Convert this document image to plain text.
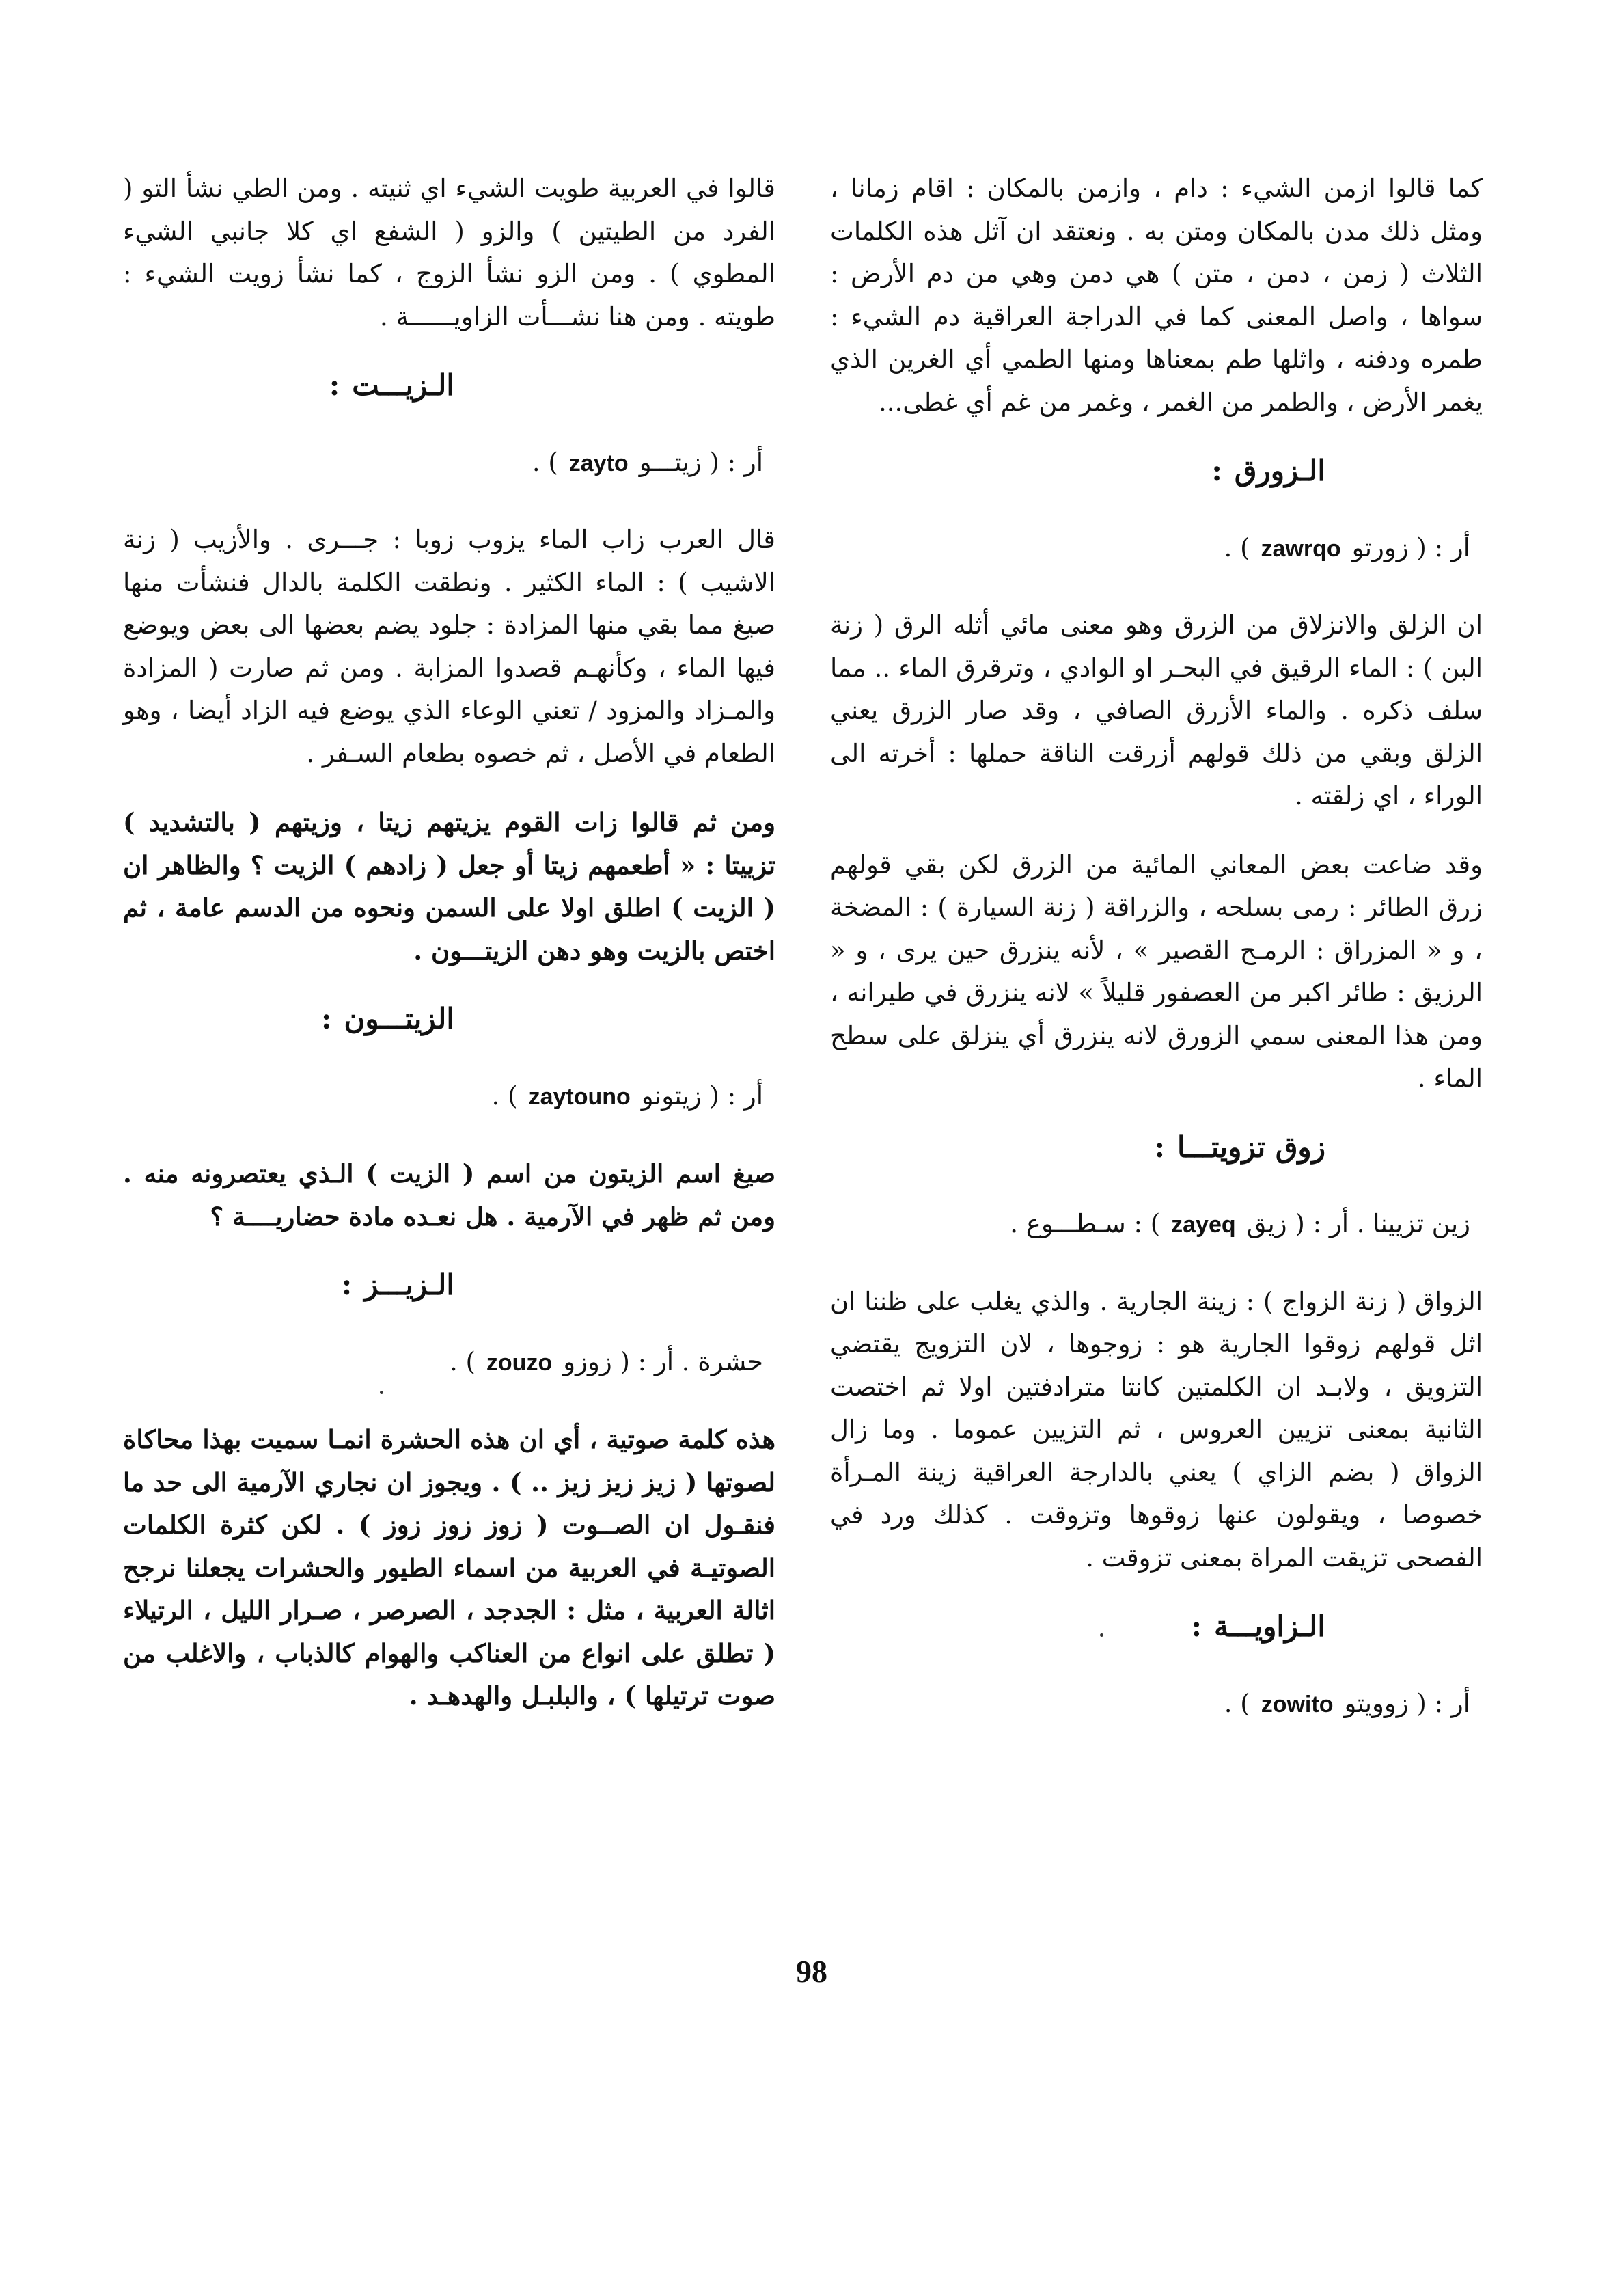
كما قالوا ازمن الشيء : دام ، وازمن بالمكان : اقام زمانا ، ومثل ذلك مدن بالمكان ومتن به . ونعتقد ان آثل هذه الكلمات الثلاث ( زمن ، دمن ، متن ) هي دمن وهي من دم الأرض : سواها ، واصل المعنى كما في الدراجة العراقية دم الشيء : طمره ودفنه ، واثلها طم بمعناها ومنها الطمي أي الغرين الذي يغمر الأرض ، والطمر من الغمر ، وغمر من غم أي غطى...

الـزورق:
أر : ( زورتوzawrqo) .

ان الزلق والانزلاق من الزرق وهو معنى مائي أثله الرق ( زنة البن ) : الماء الرقيق في البحـر او الوادي ، وترقرق الماء .. مما سلف ذكره . والماء الأزرق الصافي ، وقد صار الزرق يعني الزلق وبقي من ذلك قولهم أزرقت الناقة حملها : أخرته الى الوراء ، اي زلقته .

وقد ضاعت بعض المعاني المائية من الزرق لكن بقي قولهم زرق الطائر : رمى بسلحه ، والزراقة ( زنة السيارة ) : المضخة ، و « المزراق : الرمـح القصير » ، لأنه ينزرق حين يرى ، و « الرزيق : طائر اكبر من العصفور قليلاً » لانه ينزرق في طيرانه ، ومن هذا المعنى سمي الزورق لانه ينزرق أي ينزلق على سطح الماء .

زوق تزويتـــا:
زين تزيينا . أر : ( زيقzayeq) : سـطـــوع .

الزواق ( زنة الزواج ) : زينة الجارية . والذي يغلب على ظننا ان اثل قولهم زوقوا الجارية هو : زوجوها ، لان التزويج يقتضي التزويق ، ولابـد ان الكلمتين كانتا مترادفتين اولا ثم اختصت الثانية بمعنى تزيين العروس ، ثم التزيين عموما . وما زال الزواق ( بضم الزاي ) يعني بالدارجة العراقية زينة المـرأة خصوصا ، ويقولون عنها زوقوها وتزوقت . كذلك ورد في الفصحى تزيقت المراة بمعنى تزوقت .

الـزاويـــة:
أر : ( زوويتوzowito) .

قالوا في العربية طويت الشيء اي ثنيته . ومن الطي نشأ التو ( الفرد من الطيتين ) والزو ( الشفع اي كلا جانبي الشيء المطوي ) . ومن الزو نشأ الزوج ، كما نشأ زويت الشيء : طويته . ومن هنا نشـــأت الزاويــــــة .

الـزيـــت:
أر : ( زيتـــوzayto) .

قال العرب زاب الماء يزوب زوبا : جـــرى . والأزيب ( زنة الاشيب ) : الماء الكثير . ونطقت الكلمة بالدال فنشأت منها صيغ مما بقي منها المزادة : جلود يضم بعضها الى بعض ويوضع فيها الماء ، وكأنهـم قصدوا المزابة . ومن ثم صارت ( المزادة والمـزاد والمزود / تعني الوعاء الذي يوضع فيه الزاد أيضا ، وهو الطعام في الأصل ، ثم خصوه بطعام السـفر .

ومن ثم قالوا زات القوم يزيتهم زيتا ، وزيتهم ( بالتشديد ) تزييتا : « أطعمهم زيتا أو جعل ( زادهم ) الزيت ؟ والظاهر ان ( الزيت ) اطلق اولا على السمن ونحوه من الدسم عامة ، ثم اختص بالزيت وهو دهن الزيتـــون .

الزيتـــون:
أر : ( زيتونوzaytouno) .

صيغ اسم الزيتون من اسم ( الزيت ) الـذي يعتصرونه منه . ومن ثم ظهر في الآرمية . هل نعـده مادة حضاريــــة ؟

الـزيـــز:
حشرة . أر : ( زوزوzouzo) .

هذه كلمة صوتية ، أي ان هذه الحشرة انمـا سميت بهذا محاكاة لصوتها ( زيز زيز زيز .. ) . ويجوز ان نجاري الآرمية الى حد ما فنقـول ان الصــوت ( زوز زوز زوز ) . لكن كثرة الكلمات الصوتيـة في العربية من اسماء الطيور والحشرات يجعلنا نرجح اثالة العربية ، مثل : الجدجد ، الصرصر ، صـرار الليل ، الرتيلاء ( تطلق على انواع من العناكب والهوام كالذباب ، والاغلب من صوت ترتيلها ) ، والبلبـل والهدهـد .

98
